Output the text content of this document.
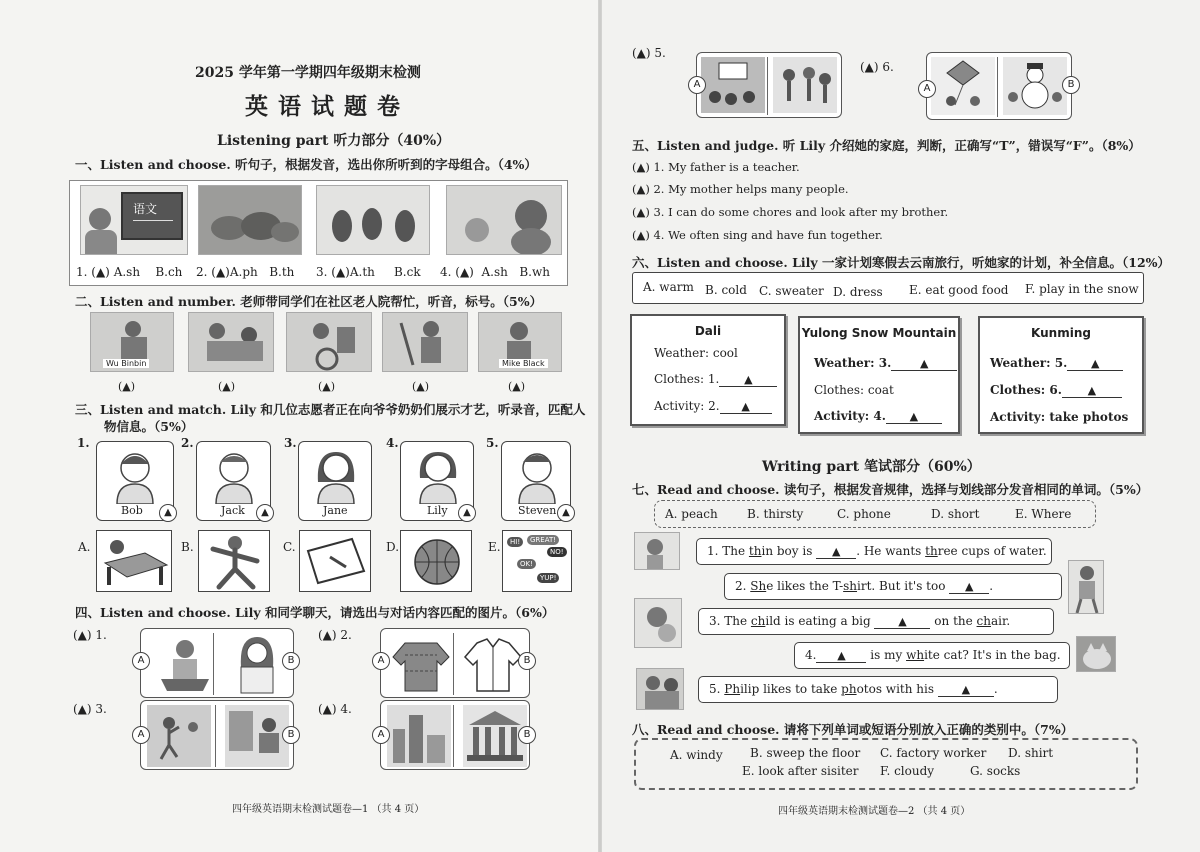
2025 学年第一学期四年级期末检测
英语试题卷
Listening part 听力部分（40%）
一、Listen and choose. 听句子，根据发音，选出你所听到的字母组合。（4%）
语文
1. (▲) A.sh B.ch 2. (▲)A.ph B.th 3. (▲)A.th B.ck 4. (▲) A.sh B.wh
二、Listen and number. 老师带同学们在社区老人院帮忙，听音，标号。（5%）
Wu Binbin	Mike Black
(▲)	(▲)	(▲)	(▲)	(▲)
三、Listen and match. Lily 和几位志愿者正在向爷爷奶奶们展示才艺，听录音，匹配人
物信息。（5%）
1.
Bob	▲
2.
Jack	▲
3.
Jane
4.
Lily	▲
5.
Steven ▲
A.	B.	C.	D.	E.	HI!	GREAT!
NO!
OK!
YUP!
四、Listen and choose. Lily 和同学聊天，请选出与对话内容匹配的图片。（6%）
(▲) 1.
A	B
(▲) 2.
A	B
(▲) 3.
A	B
(▲) 4.
A	B
四年级英语期末检测试题卷—1 （共 4 页）
(▲) 5.
A
(▲) 6.
A	B
五、Listen and judge. 听 Lily 介绍她的家庭，判断，正确写“T”，错误写“F”。（8%）
(▲) 1. My father is a teacher.
(▲) 2. My mother helps many people.
(▲) 3. I can do some chores and look after my brother.
(▲) 4. We often sing and have fun together.
六、Listen and choose. Lily 一家计划寒假去云南旅行，听她家的计划，补全信息。（12%）
A. warm B. cold C. sweater D. dress E. eat good food F. play in the snow
Dali
Weather: cool
Clothes: 1. ▲
Activity: 2. ▲
Yulong Snow Mountain
Weather: 3.	▲
Clothes: coat
Activity: 4. ▲
Kunming
Weather: 5. ▲
Clothes: 6. ▲
Activity: take photos
Writing part 笔试部分（60%）
七、Read and choose. 读句子，根据发音规律，选择与划线部分发音相同的单词。（5%）
A. peach B. thirsty	C. phone	D. short	E. Where
1. The thin boy is ▲ . He wants three cups of water.
2. She likes the T-shirt. But it's too ▲ .
3. The child is eating a big ▲ on the chair.
4. ▲ is my white cat? It's in the bag.
5. Philip likes to take photos with his ▲ .
八、Read and choose. 请将下列单词或短语分别放入正确的类别中。（7%）
A. windy B. sweep the floor C. factory worker D. shirt
E. look after sisiter F. cloudy	G. socks
四年级英语期末检测试题卷—2 （共 4 页）
